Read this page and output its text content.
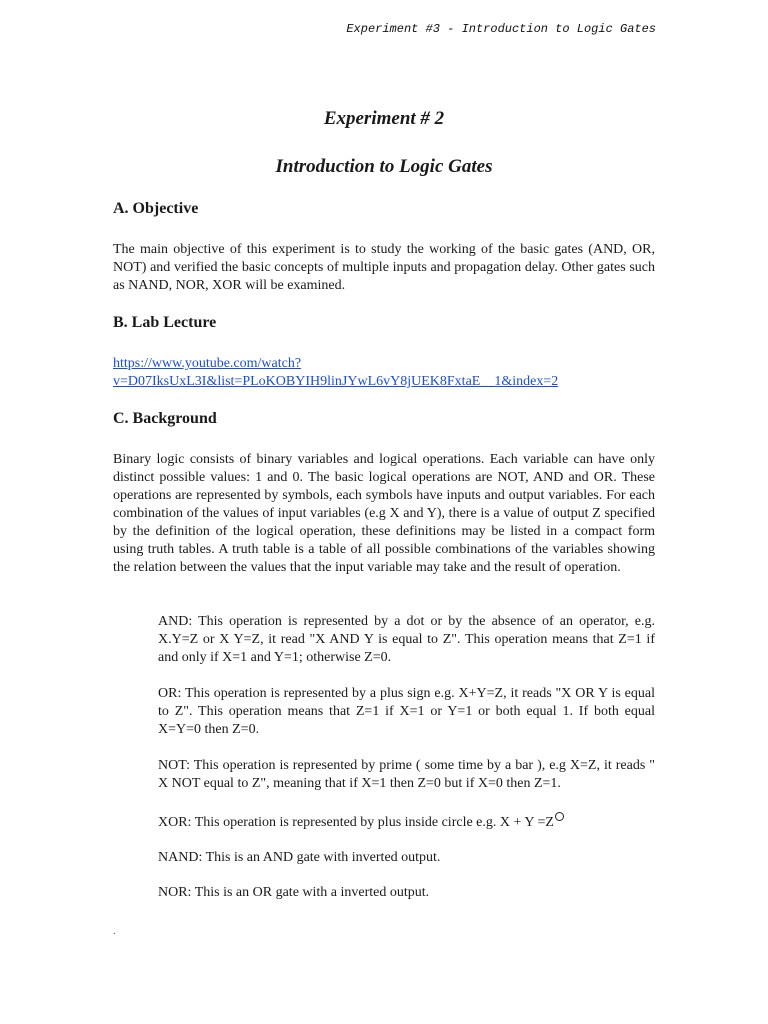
Experiment #3 - Introduction to Logic Gates
Experiment # 2
Introduction to Logic Gates
A. Objective

The main objective of this experiment is to study the working of the basic gates (AND, OR, NOT) and verified the basic concepts of multiple inputs and propagation delay. Other gates such as NAND, NOR, XOR will be examined.

B. Lab Lecture
https://www.youtube.com/watch?
v=D07IksUxL3I&list=PLoKOBYIH9linJYwL6vY8jUEK8FxtaE__1&index=2
C. Background

Binary logic consists of binary variables and logical operations. Each variable can have only distinct possible values: 1 and 0. The basic logical operations are NOT, AND and OR. These operations are represented by symbols, each symbols have inputs and output variables. For each combination of the values of input variables (e.g X and Y), there is a value of output Z specified by the definition of the logical operation, these definitions may be listed in a compact form using truth tables. A truth table is a table of all possible combinations of the variables showing the relation between the values that the input variable may take and the result of operation.

AND: This operation is represented by a dot or by the absence of an operator, e.g. X.Y=Z or X Y=Z, it read "X AND Y is equal to Z". This operation means that Z=1 if and only if X=1 and Y=1; otherwise Z=0.

OR: This operation is represented by a plus sign e.g. X+Y=Z, it reads "X OR Y is equal to Z". This operation means that Z=1 if X=1 or Y=1 or both equal 1. If both equal X=Y=0 then Z=0.

NOT: This operation is represented by prime ( some time by a bar ), e.g X=Z, it reads " X NOT equal to Z", meaning that if X=1 then Z=0 but if X=0 then Z=1.

XOR: This operation is represented by plus inside circle e.g. X + Y =Z

NAND: This is an AND gate with inverted output.

NOR: This is an OR gate with a inverted output.

.
